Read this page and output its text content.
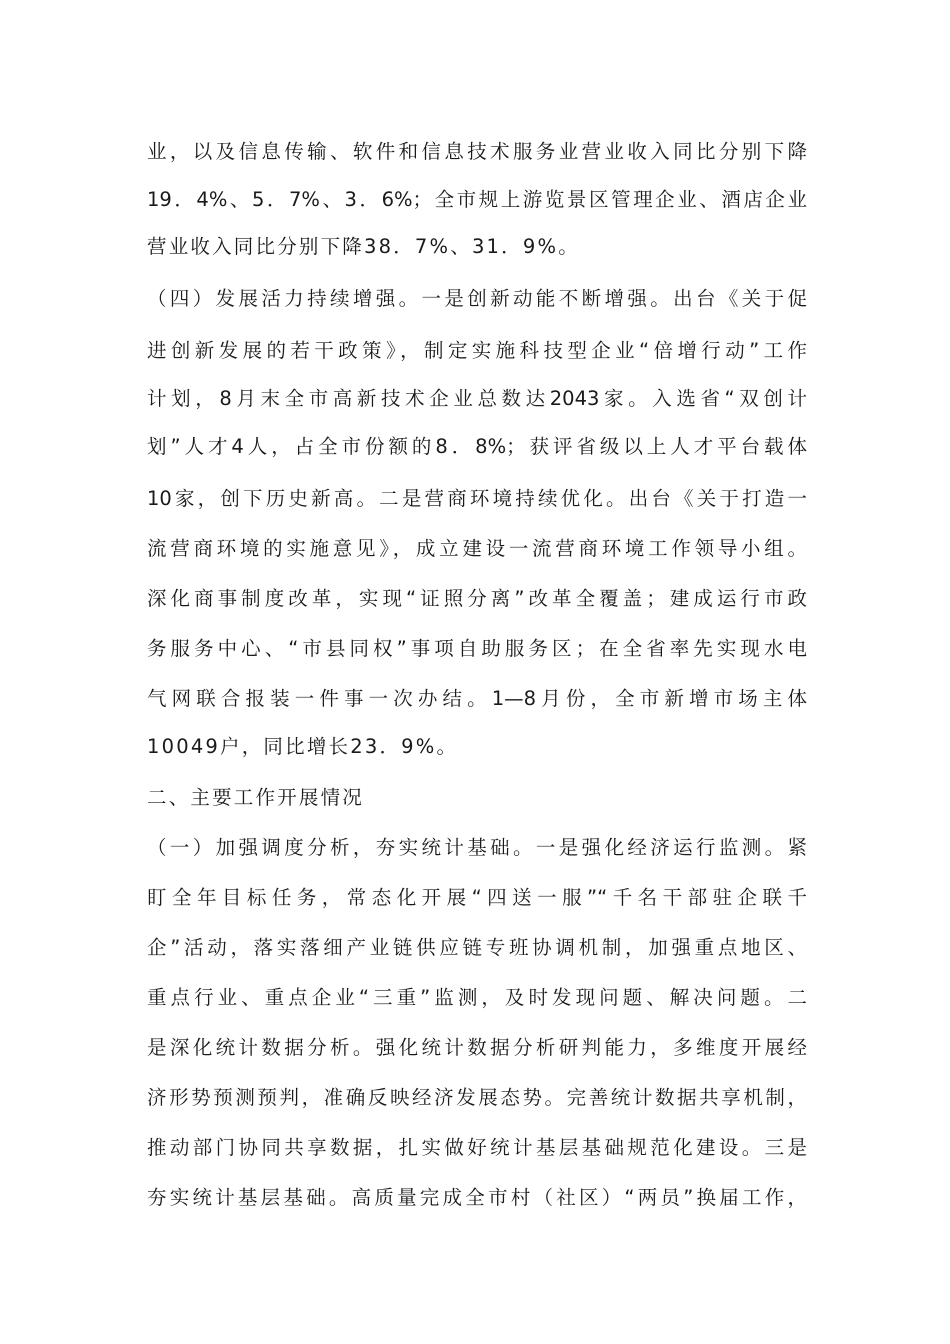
业，以及信息传输、软件和信息技术服务业营业收入同比分别下降
19．4%、5．7%、3．6%；全市规上游览景区管理企业、酒店企业
营业收入同比分别下降38．7%、31．9%。
（四）发展活力持续增强。一是创新动能不断增强。出台《关于促
进创新发展的若干政策》，制定实施科技型企业“倍增行动”工作
计划，8月末全市高新技术企业总数达2043家。入选省“双创计
划”人才4人，占全市份额的8．8%；获评省级以上人才平台载体
10家，创下历史新高。二是营商环境持续优化。出台《关于打造一
流营商环境的实施意见》，成立建设一流营商环境工作领导小组。
深化商事制度改革，实现“证照分离”改革全覆盖；建成运行市政
务服务中心、“市县同权”事项自助服务区；在全省率先实现水电
气网联合报装一件事一次办结。1—8月份，全市新增市场主体
10049户，同比增长23．9%。
二、主要工作开展情况
（一）加强调度分析，夯实统计基础。一是强化经济运行监测。紧
盯全年目标任务，常态化开展“四送一服”“千名干部驻企联千
企”活动，落实落细产业链供应链专班协调机制，加强重点地区、
重点行业、重点企业“三重”监测，及时发现问题、解决问题。二
是深化统计数据分析。强化统计数据分析研判能力，多维度开展经
济形势预测预判，准确反映经济发展态势。完善统计数据共享机制，
推动部门协同共享数据，扎实做好统计基层基础规范化建设。三是
夯实统计基层基础。高质量完成全市村（社区）“两员”换届工作，
